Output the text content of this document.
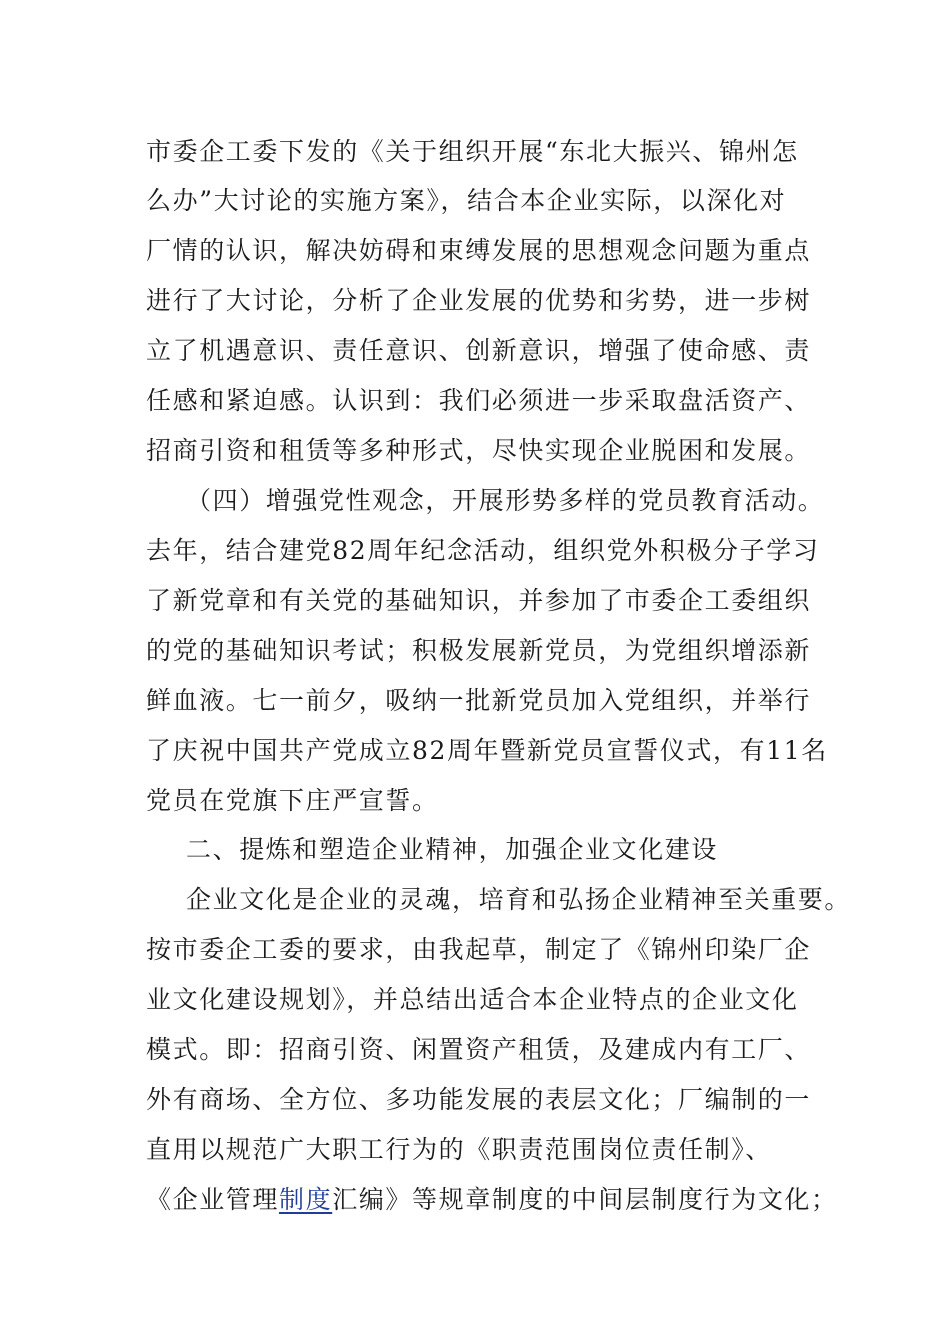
市委企工委下发的《关于组织开展“东北大振兴、锦州怎
么办”大讨论的实施方案》，结合本企业实际，以深化对
厂情的认识，解决妨碍和束缚发展的思想观念问题为重点
进行了大讨论，分析了企业发展的优势和劣势，进一步树
立了机遇意识、责任意识、创新意识，增强了使命感、责
任感和紧迫感。认识到：我们必须进一步采取盘活资产、
招商引资和租赁等多种形式，尽快实现企业脱困和发展。
（四）增强党性观念，开展形势多样的党员教育活动。
去年，结合建党82周年纪念活动，组织党外积极分子学习
了新党章和有关党的基础知识，并参加了市委企工委组织
的党的基础知识考试；积极发展新党员，为党组织增添新
鲜血液。七一前夕，吸纳一批新党员加入党组织，并举行
了庆祝中国共产党成立82周年暨新党员宣誓仪式，有11名
党员在党旗下庄严宣誓。
二、提炼和塑造企业精神，加强企业文化建设
企业文化是企业的灵魂，培育和弘扬企业精神至关重要。
按市委企工委的要求，由我起草，制定了《锦州印染厂企
业文化建设规划》，并总结出适合本企业特点的企业文化
模式。即：招商引资、闲置资产租赁，及建成内有工厂、
外有商场、全方位、多功能发展的表层文化；厂编制的一
直用以规范广大职工行为的《职责范围岗位责任制》、
《企业管理制度汇编》等规章制度的中间层制度行为文化；
